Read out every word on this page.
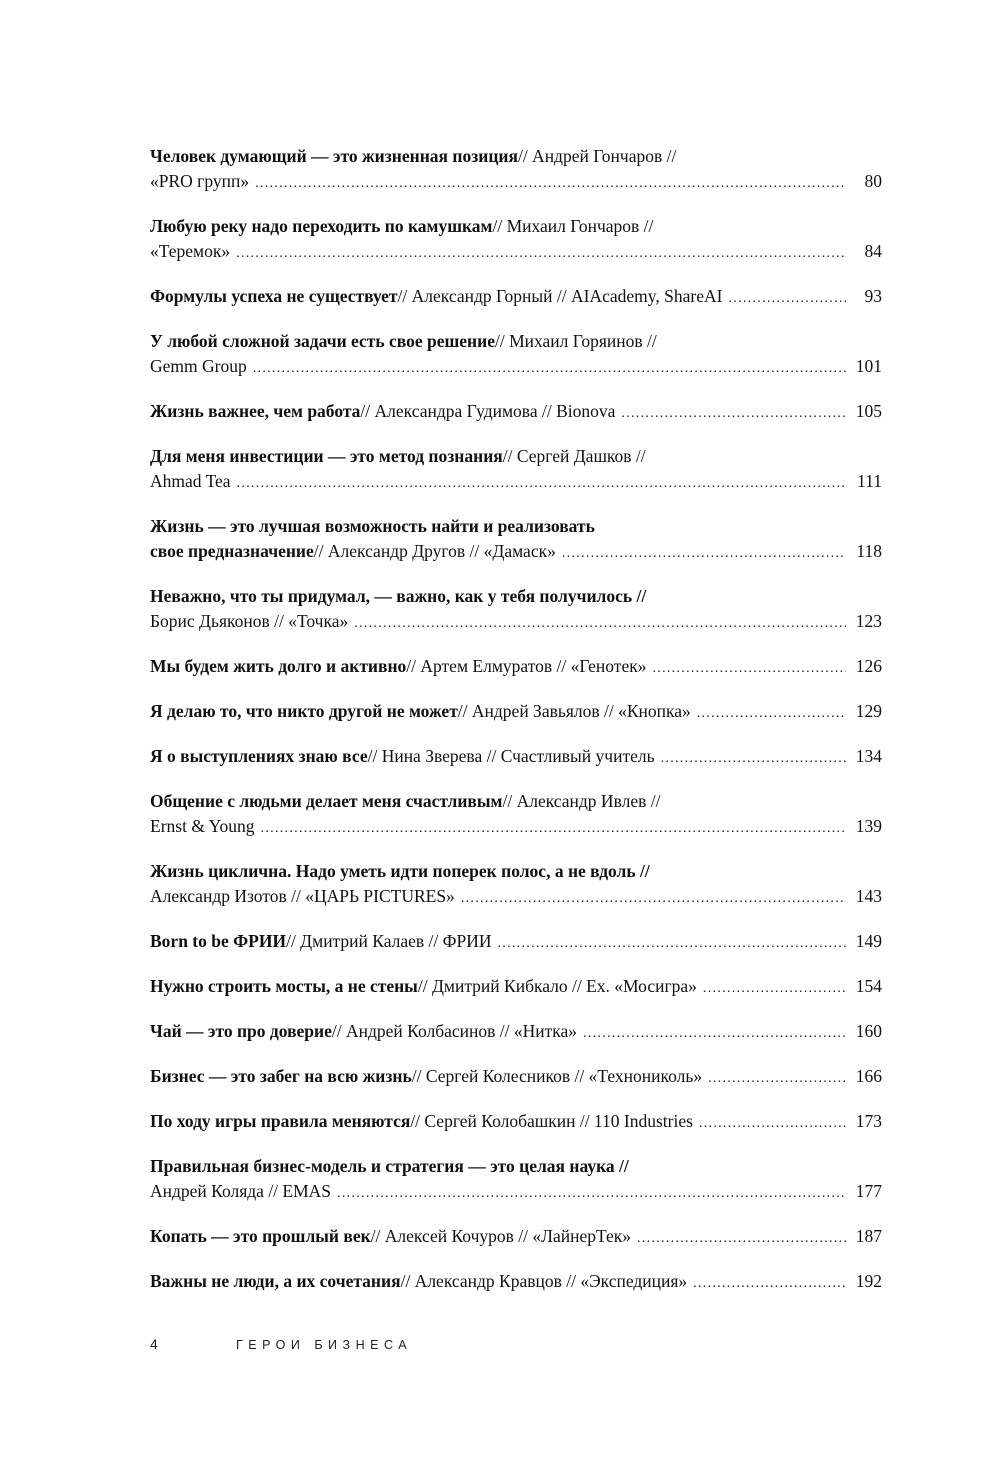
Человек думающий — это жизненная позиция // Андрей Гончаров //
«PRO групп» . . .	80
Любую реку надо переходить по камушкам // Михаил Гончаров //
«Теремок» . . .	84
Формулы успеха не существует // Александр Горный // AIAcademy, ShareAI . . .	93
У любой сложной задачи есть свое решение // Михаил Горяинов //
Gemm Group . . .	101
Жизнь важнее, чем работа // Александра Гудимова // Bionova . . .	105
Для меня инвестиции — это метод познания // Сергей Дашков //
Ahmad Tea . . .	111
Жизнь — это лучшая возможность найти и реализовать
свое предназначение // Александр Другов // «Дамаск» . . .	118
Неважно, что ты придумал, — важно, как у тебя получилось //
Борис Дьяконов // «Точка» . . .	123
Мы будем жить долго и активно // Артем Елмуратов // «Генотек» . . .	126
Я делаю то, что никто другой не может // Андрей Завьялов // «Кнопка» . . .	129
Я о выступлениях знаю все // Нина Зверева // Счастливый учитель . . .	134
Общение с людьми делает меня счастливым // Александр Ивлев //
Ernst & Young . . .	139
Жизнь циклична. Надо уметь идти поперек полос, а не вдоль //
Александр Изотов // «ЦАРЬ PICTURES» . . .	143
Born to be ФРИИ // Дмитрий Калаев // ФРИИ . . .	149
Нужно строить мосты, а не стены // Дмитрий Кибкало // Ex. «Мосигра» . . .	154
Чай — это про доверие // Андрей Колбасинов // «Нитка» . . .	160
Бизнес — это забег на всю жизнь // Сергей Колесников // «Технониколь» . . .	166
По ходу игры правила меняются // Сергей Колобашкин // 110 Industries . . .	173
Правильная бизнес-модель и стратегия — это целая наука //
Андрей Коляда // EMAS . . .	177
Копать — это прошлый век // Алексей Кочуров // «ЛайнерТек» . . .	187
Важны не люди, а их сочетания // Александр Кравцов // «Экспедиция» . . .	192
4	ГЕРОИ БИЗНЕСА
